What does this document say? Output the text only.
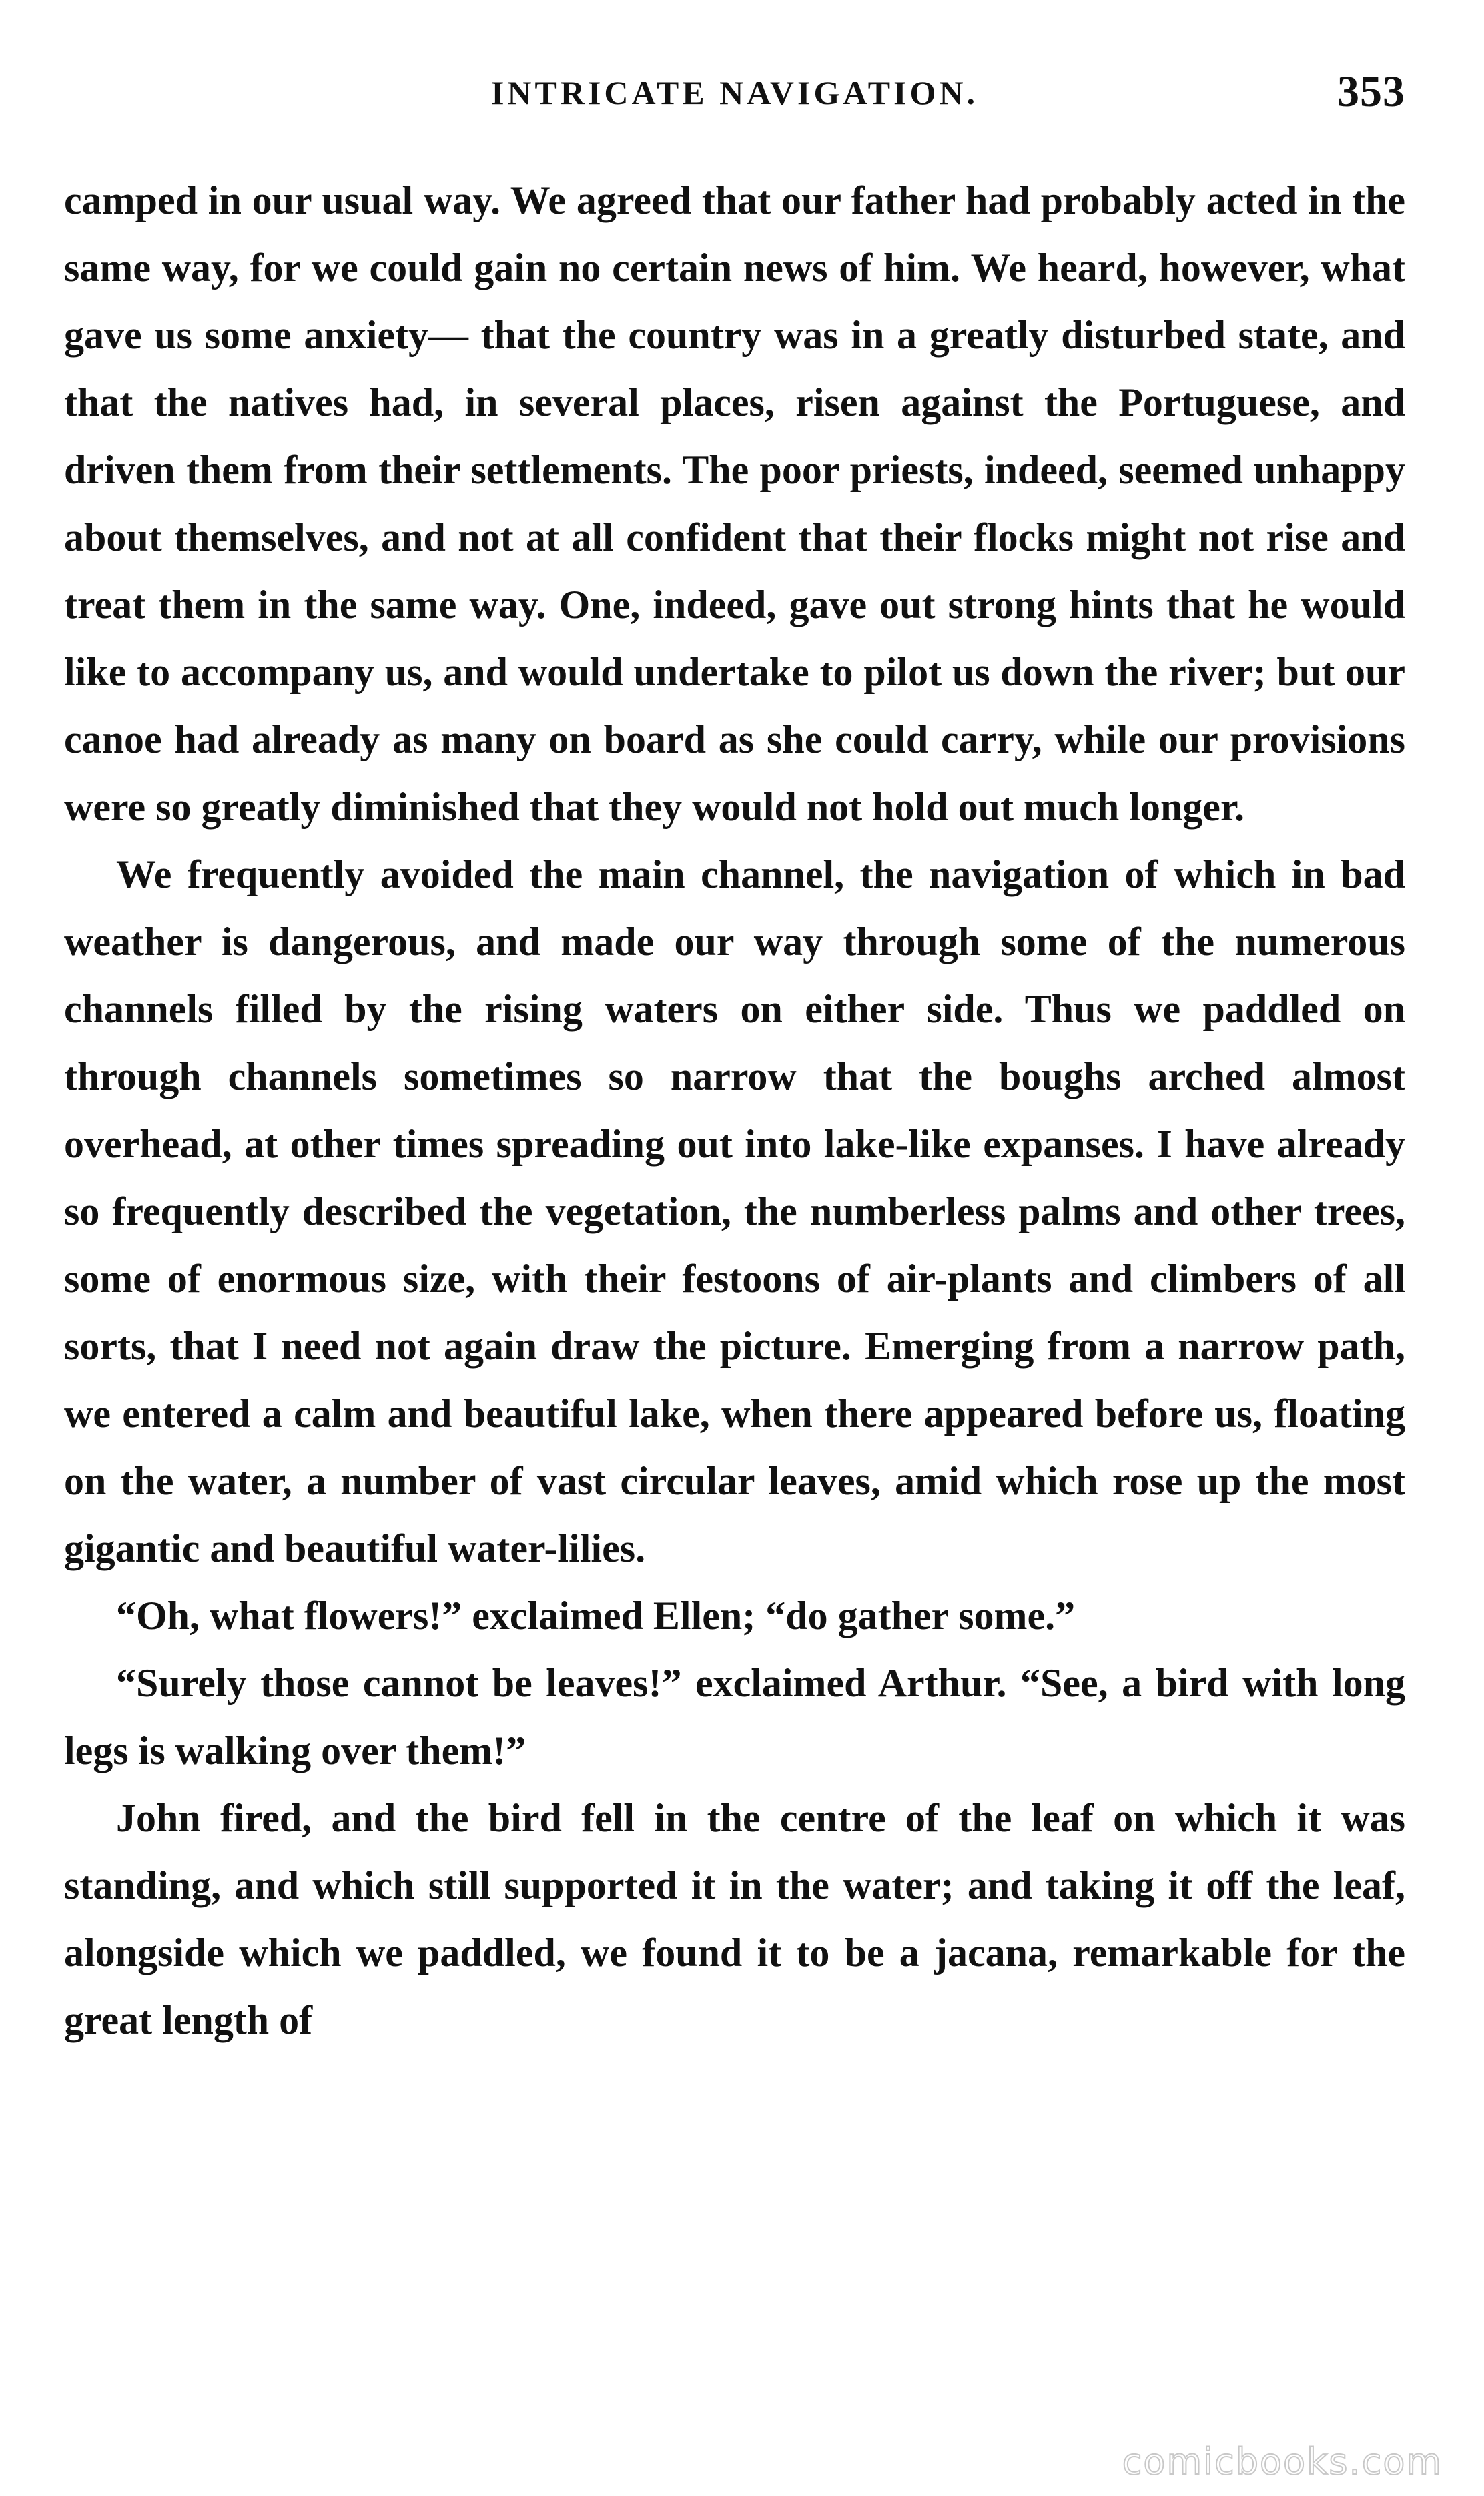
INTRICATE NAVIGATION.	353

camped in our usual way. We agreed that our father had probably acted in the same way, for we could gain no certain news of him. We heard, however, what gave us some anxiety— that the country was in a greatly disturbed state, and that the natives had, in several places, risen against the Portuguese, and driven them from their settlements. The poor priests, indeed, seemed unhappy about themselves, and not at all confident that their flocks might not rise and treat them in the same way. One, indeed, gave out strong hints that he would like to accompany us, and would undertake to pilot us down the river; but our canoe had already as many on board as she could carry, while our provisions were so greatly diminished that they would not hold out much longer.

We frequently avoided the main channel, the navigation of which in bad weather is dangerous, and made our way through some of the numerous channels filled by the rising waters on either side. Thus we paddled on through channels sometimes so narrow that the boughs arched almost overhead, at other times spreading out into lake-like expanses. I have already so frequently described the vegetation, the numberless palms and other trees, some of enormous size, with their festoons of air-plants and climbers of all sorts, that I need not again draw the picture. Emerging from a narrow path, we entered a calm and beautiful lake, when there appeared before us, floating on the water, a number of vast circular leaves, amid which rose up the most gigantic and beautiful water-lilies.

“Oh, what flowers!” exclaimed Ellen; “do gather some.”

“Surely those cannot be leaves!” exclaimed Arthur. “See, a bird with long legs is walking over them!”

John fired, and the bird fell in the centre of the leaf on which it was standing, and which still supported it in the water; and taking it off the leaf, alongside which we paddled, we found it to be a jacana, remarkable for the great length of

comicbooks.com
